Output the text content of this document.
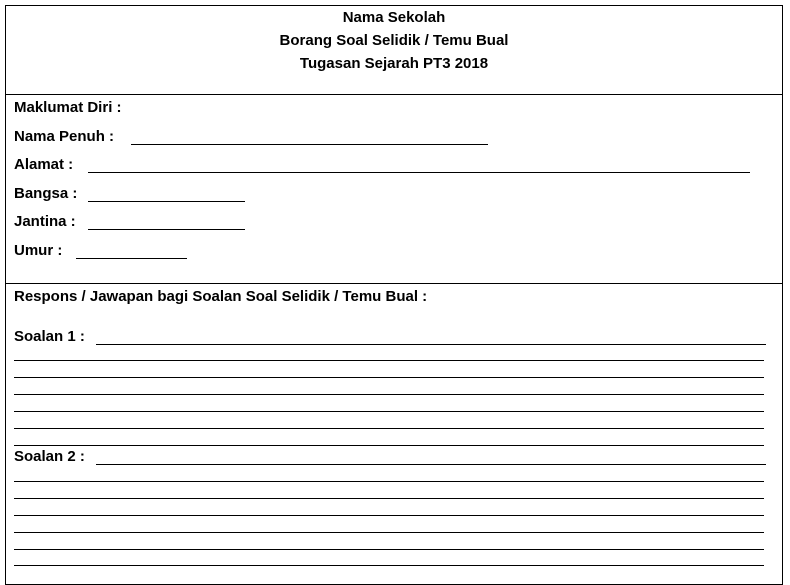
Nama Sekolah
Borang Soal Selidik / Temu Bual
Tugasan Sejarah PT3 2018
Maklumat Diri :
Nama Penuh :
Alamat :
Bangsa :
Jantina :
Umur :
Respons / Jawapan bagi Soalan Soal Selidik / Temu Bual :
Soalan 1 :
Soalan 2 :
